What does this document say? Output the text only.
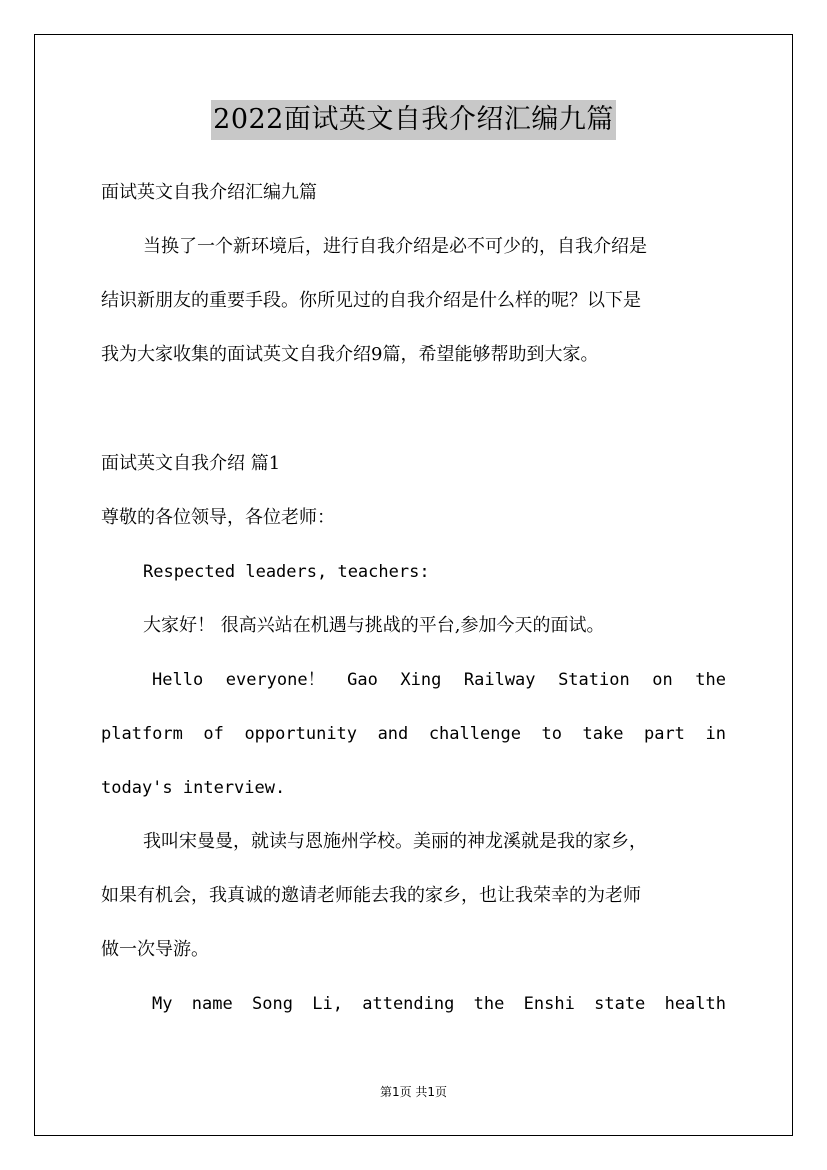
2022面试英文自我介绍汇编九篇
面试英文自我介绍汇编九篇
当换了一个新环境后，进行自我介绍是必不可少的，自我介绍是
结识新朋友的重要手段。你所见过的自我介绍是什么样的呢？以下是
我为大家收集的面试英文自我介绍9篇，希望能够帮助到大家。
面试英文自我介绍 篇1
尊敬的各位领导，各位老师：
Respected leaders, teachers:
大家好！ 很高兴站在机遇与挑战的平台,参加今天的面试。
Hello everyone！ Gao Xing Railway Station on the
platform of opportunity and challenge to take part in
today's interview.
我叫宋曼曼，就读与恩施州学校。美丽的神龙溪就是我的家乡，
如果有机会，我真诚的邀请老师能去我的家乡，也让我荣幸的为老师
做一次导游。
My name Song Li, attending the Enshi state health
第1页 共1页
